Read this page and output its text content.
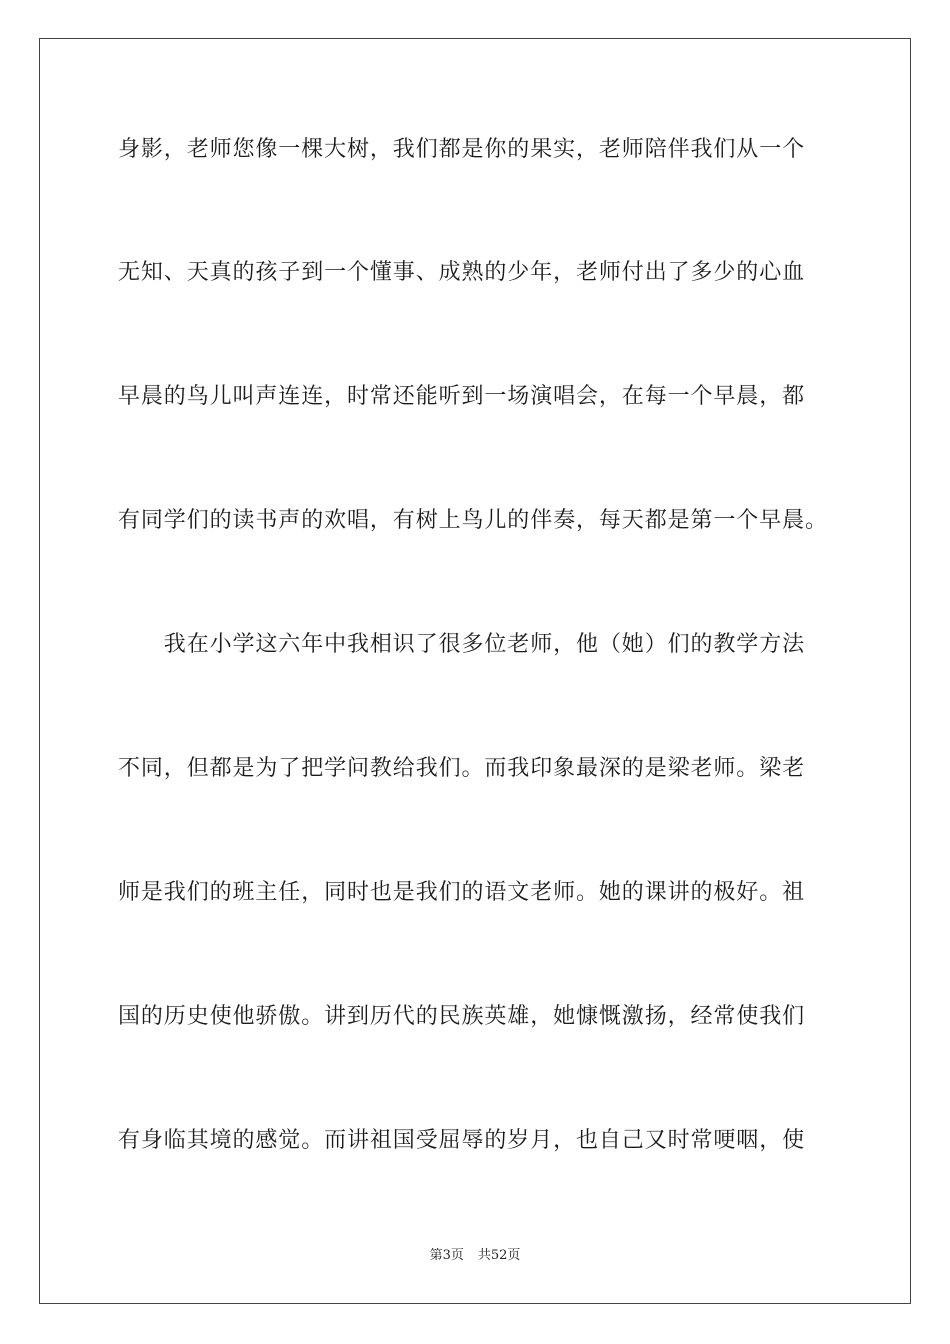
身影，老师您像一棵大树，我们都是你的果实，老师陪伴我们从一个
无知、天真的孩子到一个懂事、成熟的少年，老师付出了多少的心血
早晨的鸟儿叫声连连，时常还能听到一场演唱会，在每一个早晨，都
有同学们的读书声的欢唱，有树上鸟儿的伴奏，每天都是第一个早晨。
　　我在小学这六年中我相识了很多位老师，他（她）们的教学方法
不同，但都是为了把学问教给我们。而我印象最深的是梁老师。梁老
师是我们的班主任，同时也是我们的语文老师。她的课讲的极好。祖
国的历史使他骄傲。讲到历代的民族英雄，她慷慨激扬，经常使我们
有身临其境的感觉。而讲祖国受屈辱的岁月，也自己又时常哽咽，使
第3页 共52页
